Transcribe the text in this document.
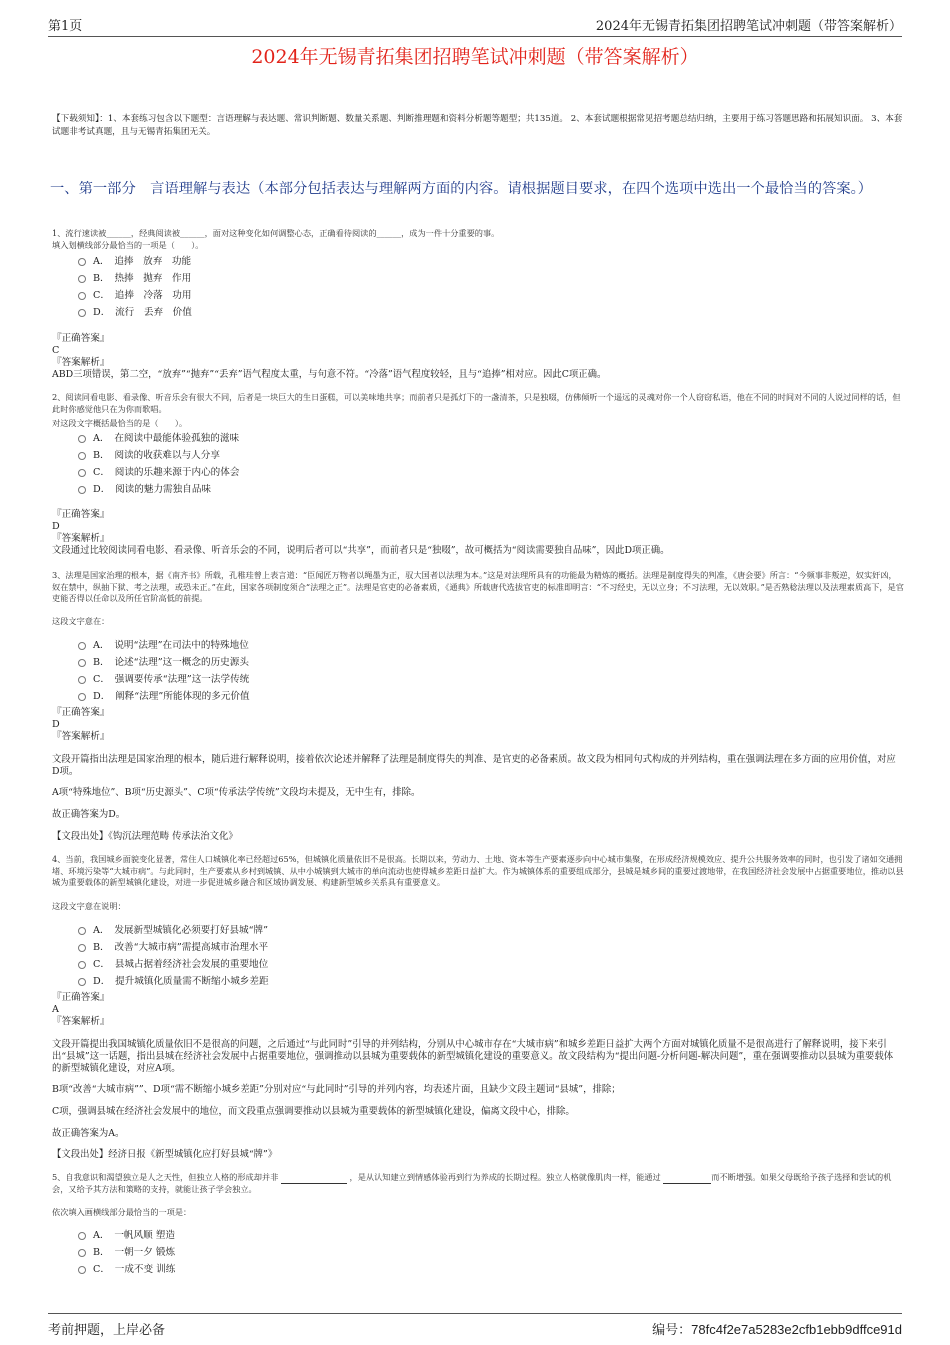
第1页	2024年无锡青拓集团招聘笔试冲刺题（带答案解析）
2024年无锡青拓集团招聘笔试冲刺题（带答案解析）
【下载须知】：1、本套练习包含以下题型：言语理解与表达题、常识判断题、数量关系题、判断推理题和资料分析题等题型；共135道。 2、本套试题根据常见招考题总结归纳，主要用于练习答题思路和拓展知识面。 3、本套试题非考试真题，且与无锡青拓集团无关。
一、第一部分　言语理解与表达（本部分包括表达与理解两方面的内容。请根据题目要求，在四个选项中选出一个最恰当的答案。）
1、流行速读被______，经典阅读被______，面对这种变化如何调整心态，正确看待阅读的______，成为一件十分重要的事。
填入划横线部分最恰当的一项是（　　）。
A．　追捧　放弃　功能
B．　热捧　抛弃　作用
C．　追捧　冷落　功用
D．　流行　丢弃　价值
『正确答案』
C
『答案解析』
ABD三项错误，第二空，“放弃”“抛弃”“丢弃”语气程度太重，与句意不符。“冷落”语气程度较轻，且与“追捧”相对应。因此C项正确。
2、阅读同看电影、看录像、听音乐会有很大不同，后者是一块巨大的生日蛋糕，可以美味地共享；而前者只是孤灯下的一盏清茶，只是独啜，仿佛倾听一个遥远的灵魂对你一个人窃窃私语，他在不同的时间对不同的人说过同样的话，但此时你感觉他只在为你而歌唱。
对这段文字概括最恰当的是（　　）。
A．　在阅读中最能体验孤独的滋味
B．　阅读的收获难以与人分享
C．　阅读的乐趣来源于内心的体会
D．　阅读的魅力需独自品味
『正确答案』
D
『答案解析』
文段通过比较阅读同看电影、看录像、听音乐会的不同，说明后者可以“共享”，而前者只是“独啜”，故可概括为“阅读需要独自品味”，因此D项正确。
3、法理是国家治理的根本，据《南齐书》所载，孔稚珪曾上表言道：“臣闻匠万物者以绳墨为正，驭大国者以法理为本。”这是对法理所具有的功能最为精炼的概括。法理是制度得失的判准，《唐会要》所言：“今频事非叛逆，奴实奸凶，奴在禁中，纵抽下狱、考之法理，或恐未正。”在此，国家各项制度须合“法理之正”。法理是官吏的必备素质，《通典》所载唐代选拔官吏的标准即明言：“不习经史，无以立身；不习法理，无以效职。”是否熟稔法理以及法理素质高下，是官吏能否得以任命以及所任官阶高低的前提。
这段文字意在：
A．　说明“法理”在司法中的特殊地位
B．　论述“法理”这一概念的历史源头
C．　强调要传承“法理”这一法学传统
D．　阐释“法理”所能体现的多元价值
『正确答案』
D
『答案解析』
文段开篇指出法理是国家治理的根本，随后进行解释说明，接着依次论述并解释了法理是制度得失的判准、是官吏的必备素质。故文段为相同句式构成的并列结构，重在强调法理在多方面的应用价值，对应D项。
A项“特殊地位”、B项“历史源头”、C项“传承法学传统”文段均未提及，无中生有，排除。
故正确答案为D。
【文段出处】《钩沉法理范畴 传承法治文化》
4、当前，我国城乡面貌变化显著，常住人口城镇化率已经超过65%，但城镇化质量依旧不是很高。长期以来，劳动力、土地、资本等生产要素逐步向中心城市集聚，在形成经济规模效应、提升公共服务效率的同时，也引发了诸如交通拥堵、环境污染等“大城市病”。与此同时，生产要素从乡村到城镇、从中小城镇到大城市的单向流动也使得城乡差距日益扩大。作为城镇体系的重要组成部分，县城是城乡间的重要过渡地带，在我国经济社会发展中占据重要地位，推动以县城为重要载体的新型城镇化建设，对进一步促进城乡融合和区域协调发展、构建新型城乡关系具有重要意义。
这段文字意在说明：
A．　发展新型城镇化必须要打好县城“牌”
B．　改善“大城市病”需提高城市治理水平
C．　县城占据着经济社会发展的重要地位
D．　提升城镇化质量需不断缩小城乡差距
『正确答案』
A
『答案解析』
文段开篇提出我国城镇化质量依旧不是很高的问题，之后通过“与此同时”引导的并列结构，分别从中心城市存在“大城市病”和城乡差距日益扩大两个方面对城镇化质量不是很高进行了解释说明，接下来引出“县城”这一话题，指出县城在经济社会发展中占据重要地位，强调推动以县城为重要载体的新型城镇化建设的重要意义。故文段结构为“提出问题-分析问题-解决问题”，重在强调要推动以县城为重要载体的新型城镇化建设，对应A项。
B项“改善“大城市病””、D项“需不断缩小城乡差距”分别对应“与此同时”引导的并列内容，均表述片面，且缺少文段主题词“县城”，排除；
C项，强调县城在经济社会发展中的地位，而文段重点强调要推动以县城为重要载体的新型城镇化建设，偏离文段中心，排除。
故正确答案为A。
【文段出处】经济日报《新型城镇化应打好县城“牌”》
5、自我意识和渴望独立是人之天性，但独立人格的形成却并非	，是从认知建立到情感体验再到行为养成的长期过程。独立人格就像肌肉一样，能通过	而不断增强。如果父母既给予孩子选择和尝试的机会，又给予其方法和策略的支持，就能让孩子学会独立。
依次填入画横线部分最恰当的一项是：
A．　一帆风顺 塑造
B．　一朝一夕 锻炼
C．　一成不变 训练
考前押题，上岸必备	编号：78fc4f2e7a5283e2cfb1ebb9dffce91d
